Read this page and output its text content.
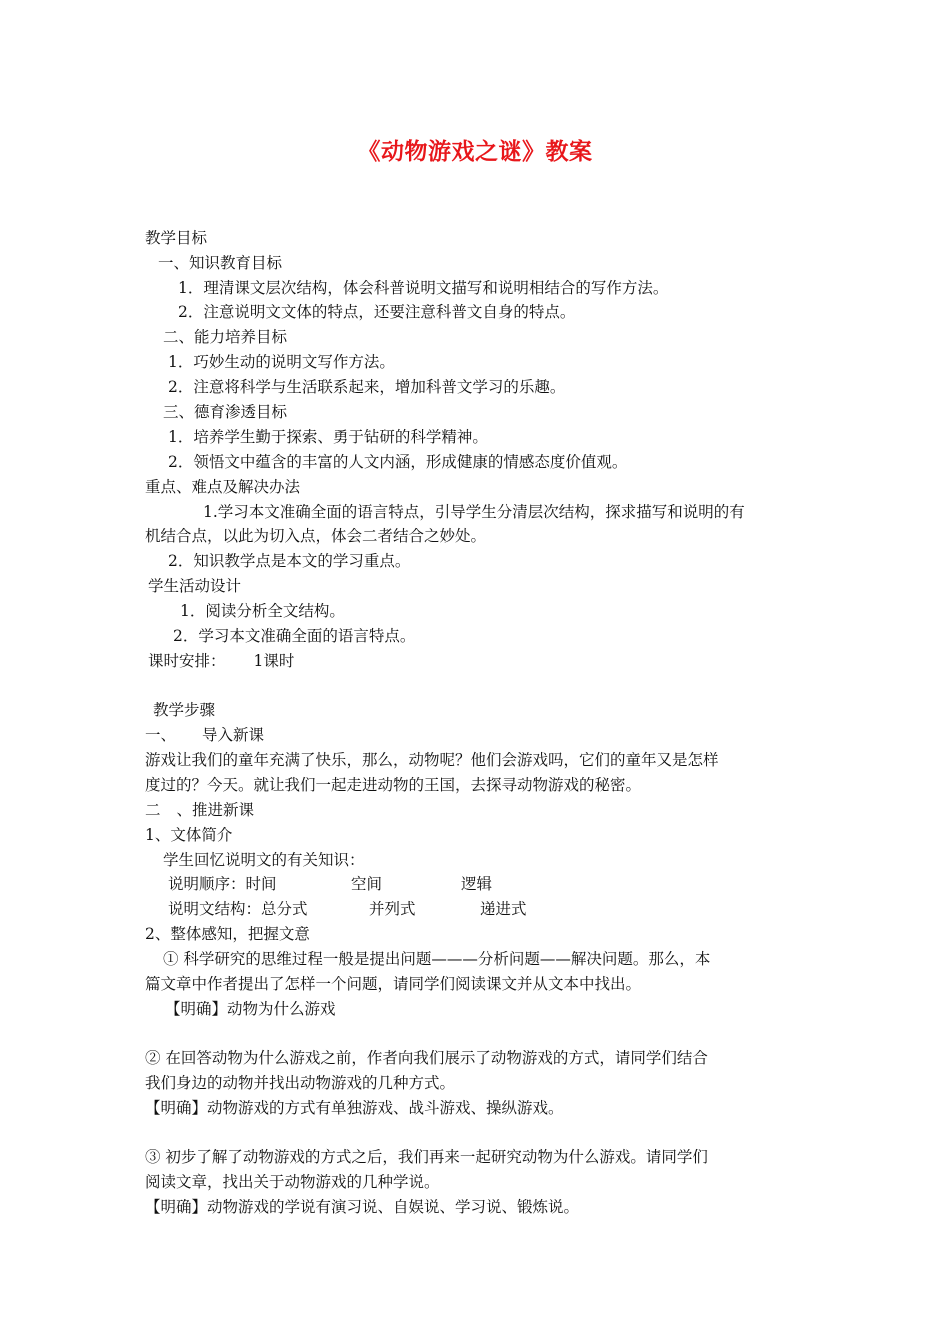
《动物游戏之谜》教案
教学目标
一、知识教育目标
1．理清课文层次结构，体会科普说明文描写和说明相结合的写作方法。
2．注意说明文文体的特点，还要注意科普文自身的特点。
二、能力培养目标
1．巧妙生动的说明文写作方法。
2．注意将科学与生活联系起来，增加科普文学习的乐趣。
三、德育渗透目标
1．培养学生勤于探索、勇于钻研的科学精神。
2．领悟文中蕴含的丰富的人文内涵，形成健康的情感态度价值观。
重点、难点及解决办法
1.学习本文准确全面的语言特点，引导学生分清层次结构，探求描写和说明的有
机结合点，以此为切入点，体会二者结合之妙处。
2．知识教学点是本文的学习重点。
学生活动设计
1．阅读分析全文结构。
2．学习本文准确全面的语言特点。
课时安排： 1课时
教学步骤
一、 导入新课
游戏让我们的童年充满了快乐，那么，动物呢？他们会游戏吗，它们的童年又是怎样
度过的？今天。就让我们一起走进动物的王国，去探寻动物游戏的秘密。
二 、推进新课
1、文体简介
学生回忆说明文的有关知识：
说明顺序：时间	空间	逻辑
说明文结构：总分式	并列式	递进式
2、整体感知，把握文意
① 科学研究的思维过程一般是提出问题———分析问题——解决问题。那么，本
篇文章中作者提出了怎样一个问题，请同学们阅读课文并从文本中找出。
【明确】动物为什么游戏
② 在回答动物为什么游戏之前，作者向我们展示了动物游戏的方式，请同学们结合
我们身边的动物并找出动物游戏的几种方式。
【明确】动物游戏的方式有单独游戏、战斗游戏、操纵游戏。
③ 初步了解了动物游戏的方式之后，我们再来一起研究动物为什么游戏。请同学们
阅读文章，找出关于动物游戏的几种学说。
【明确】动物游戏的学说有演习说、自娱说、学习说、锻炼说。
